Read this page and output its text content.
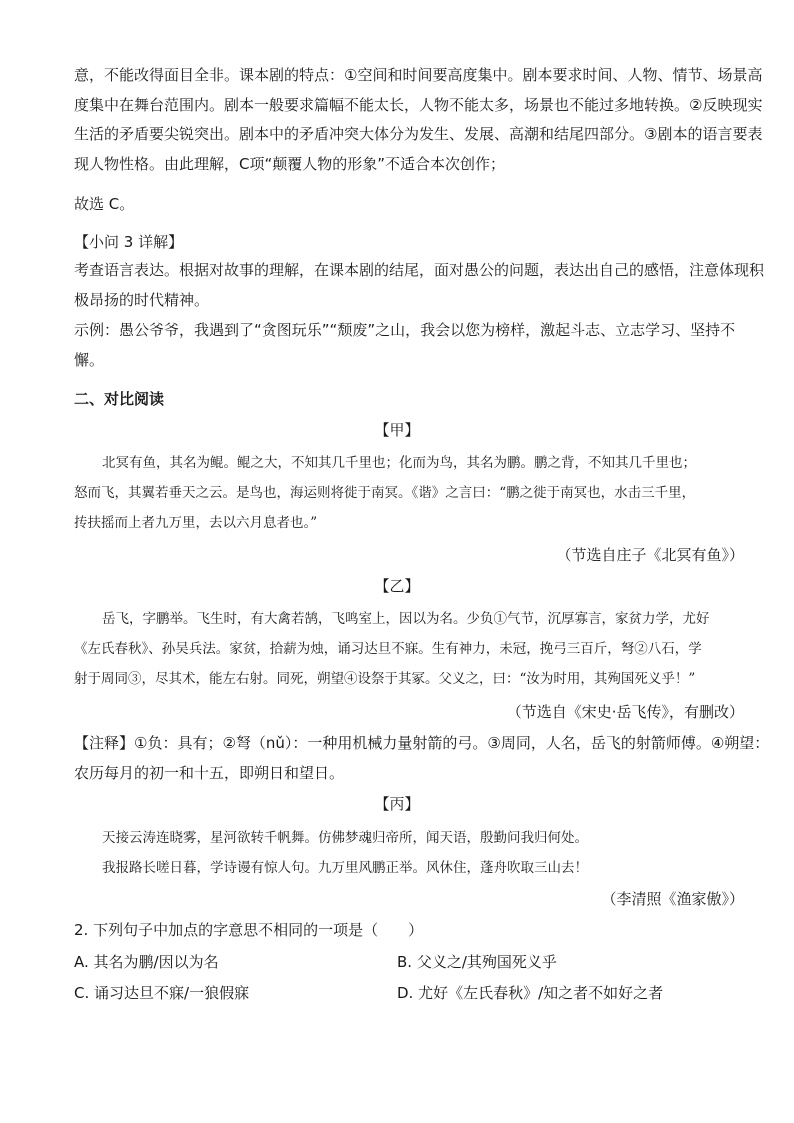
意，不能改得面目全非。课本剧的特点：①空间和时间要高度集中。剧本要求时间、人物、情节、场景高
度集中在舞台范围内。剧本一般要求篇幅不能太长，人物不能太多，场景也不能过多地转换。②反映现实
生活的矛盾要尖锐突出。剧本中的矛盾冲突大体分为发生、发展、高潮和结尾四部分。③剧本的语言要表
现人物性格。由此理解，C项“颠覆人物的形象”不适合本次创作；
故选 C。
【小问 3 详解】
考查语言表达。根据对故事的理解，在课本剧的结尾，面对愚公的问题，表达出自己的感悟，注意体现积
极昂扬的时代精神。
示例：愚公爷爷，我遇到了“贪图玩乐”“颓废”之山，我会以您为榜样，激起斗志、立志学习、坚持不
懈。
二、对比阅读
【甲】
北冥有鱼，其名为鲲。鲲之大，不知其几千里也；化而为鸟，其名为鹏。鹏之背，不知其几千里也；
怒而飞，其翼若垂天之云。是鸟也，海运则将徙于南冥。《谐》之言曰：“鹏之徙于南冥也，水击三千里，
抟扶摇而上者九万里，去以六月息者也。”
（节选自庄子《北冥有鱼》）
【乙】
岳飞，字鹏举。飞生时，有大禽若鹄，飞鸣室上，因以为名。少负①气节，沉厚寡言，家贫力学，尤好
《左氏春秋》、孙吴兵法。家贫，拾薪为烛，诵习达旦不寐。生有神力，未冠，挽弓三百斤，弩②八石，学
射于周同③，尽其术，能左右射。同死，朔望④设祭于其冢。父义之，曰：“汝为时用，其殉国死义乎！”
（节选自《宋史·岳飞传》，有删改）
【注释】①负：具有；②弩（nǔ）：一种用机械力量射箭的弓。③周同，人名，岳飞的射箭师傅。④朔望：
农历每月的初一和十五，即朔日和望日。
【丙】
天接云涛连晓雾，星河欲转千帆舞。仿佛梦魂归帝所，闻天语，殷勤问我归何处。
我报路长嗟日暮，学诗谩有惊人句。九万里风鹏正举。风休住，蓬舟吹取三山去！
（李清照《渔家傲》）
2. 下列句子中加点的字意思不相同的一项是（　　）
A. 其名为鹏/因以为名	B. 父义之/其殉国死义乎
C. 诵习达旦不寐/一狼假寐	D. 尤好《左氏春秋》/知之者不如好之者
